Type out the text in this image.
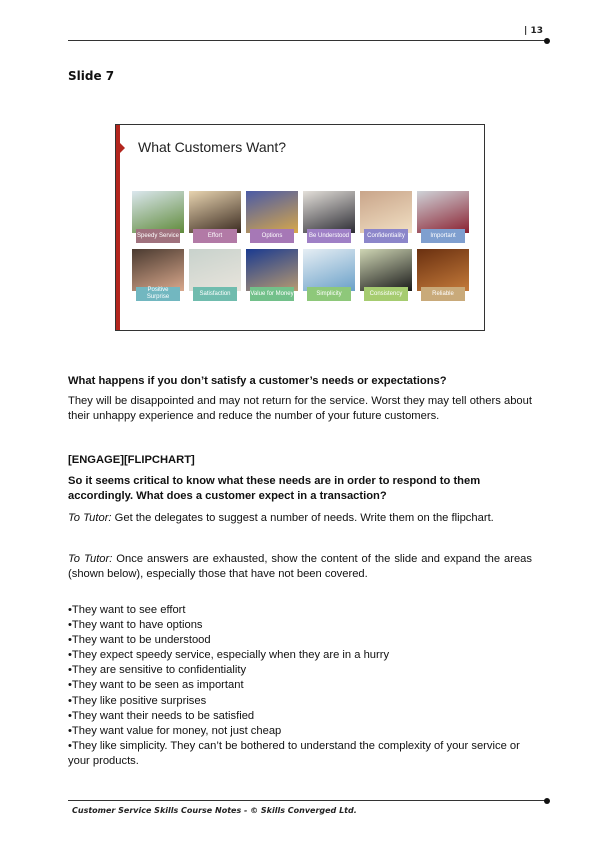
| 13
Slide 7
What Customers Want?
Speedy Service	Effort	Options	Be Understood	Confidentiality	Important
Positive Surprise
Satisfaction	Value for Money	Simplicity	Consistency	Reliable
What happens if you don’t satisfy a customer’s needs or expectations?
They will be disappointed and may not return for the service. Worst they may tell others about their unhappy experience and reduce the number of your future customers.
[ENGAGE][FLIPCHART]
So it seems critical to know what these needs are in order to respond to them accordingly. What does a customer expect in a transaction?
To Tutor: Get the delegates to suggest a number of needs. Write them on the flipchart.
To Tutor: Once answers are exhausted, show the content of the slide and expand the areas (shown below), especially those that have not been covered.
• They want to see effort
• They want to have options
• They want to be understood
• They expect speedy service, especially when they are in a hurry
• They are sensitive to confidentiality
• They want to be seen as important
• They like positive surprises
• They want their needs to be satisfied
• They want value for money, not just cheap
• They like simplicity. They can’t be bothered to understand the complexity of your service or your products.
Customer Service Skills Course Notes - © Skills Converged Ltd.
